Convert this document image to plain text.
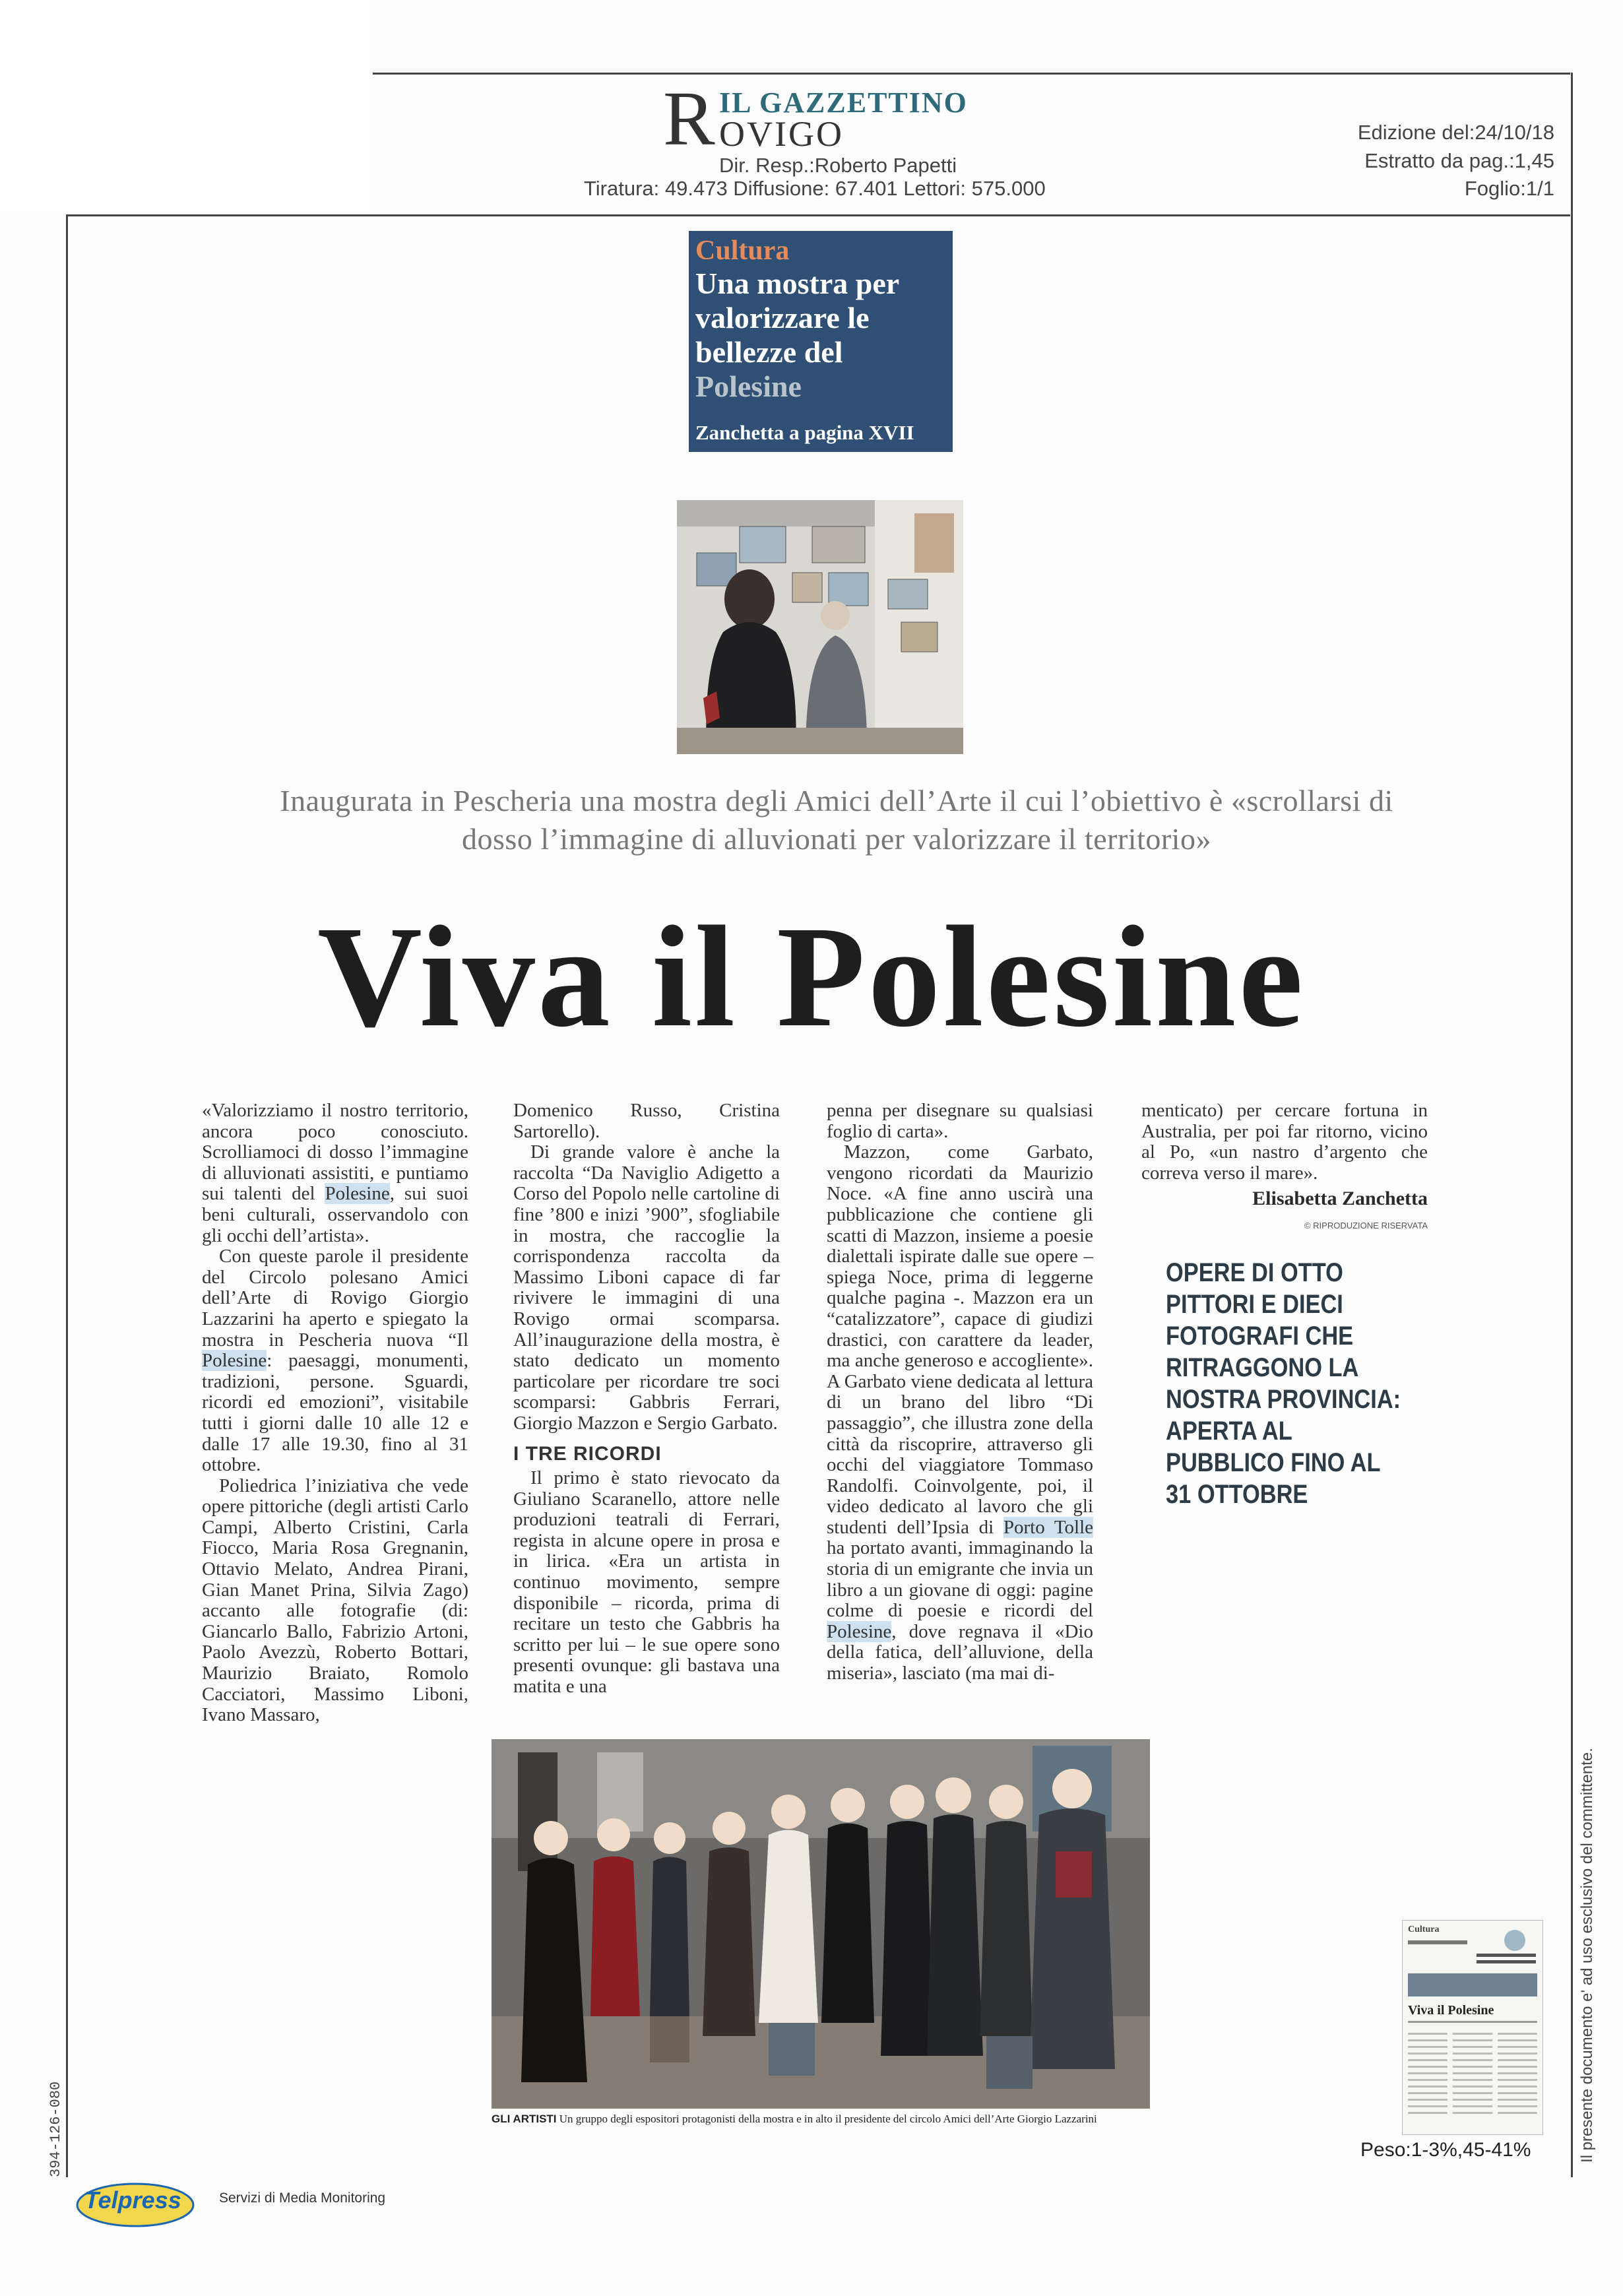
R IL GAZZETTINO
OVIGO
Dir. Resp.:Roberto Papetti
Tiratura: 49.473 Diffusione: 67.401 Lettori: 575.000
Edizione del:24/10/18
Estratto da pag.:1,45
Foglio:1/1
Cultura
Una mostra per valorizzare le bellezze del Polesine
Zanchetta a pagina XVII
Inaugurata in Pescheria una mostra degli Amici dell’Arte il cui l’obiettivo è «scrollarsi di dosso l’immagine di alluvionati per valorizzare il territorio»
Viva il Polesine

«Valorizziamo il nostro territorio, ancora poco conosciuto. Scrolliamoci di dosso l’immagine di alluvionati assistiti, e puntiamo sui talenti del Polesine, sui suoi beni culturali, osservandolo con gli occhi dell’artista».

Con queste parole il presidente del Circolo polesano Amici dell’Arte di Rovigo Giorgio Lazzarini ha aperto e spiegato la mostra in Pescheria nuova “Il Polesine: paesaggi, monumenti, tradizioni, persone. Sguardi, ricordi ed emozioni”, visitabile tutti i giorni dalle 10 alle 12 e dalle 17 alle 19.30, fino al 31 ottobre.

Poliedrica l’iniziativa che vede opere pittoriche (degli artisti Carlo Campi, Alberto Cristini, Carla Fiocco, Maria Rosa Gregnanin, Ottavio Melato, Andrea Pirani, Gian Manet Prina, Silvia Zago) accanto alle fotografie (di: Giancarlo Ballo, Fabrizio Artoni, Paolo Avezzù, Roberto Bottari, Maurizio Braiato, Romolo Cacciatori, Massimo Liboni, Ivano Massaro,

Domenico Russo, Cristina Sartorello).

Di grande valore è anche la raccolta “Da Naviglio Adigetto a Corso del Popolo nelle cartoline di fine ’800 e inizi ’900”, sfogliabile in mostra, che raccoglie la corrispondenza raccolta da Massimo Liboni capace di far rivivere le immagini di una Rovigo ormai scomparsa. All’inaugurazione della mostra, è stato dedicato un momento particolare per ricordare tre soci scomparsi: Gabbris Ferrari, Giorgio Mazzon e Sergio Garbato.

I TRE RICORDI

Il primo è stato rievocato da Giuliano Scaranello, attore nelle produzioni teatrali di Ferrari, regista in alcune opere in prosa e in lirica. «Era un artista in continuo movimento, sempre disponibile – ricorda, prima di recitare un testo che Gabbris ha scritto per lui – le sue opere sono presenti ovunque: gli bastava una matita e una

penna per disegnare su qualsiasi foglio di carta».

Mazzon, come Garbato, vengono ricordati da Maurizio Noce. «A fine anno uscirà una pubblicazione che contiene gli scatti di Mazzon, insieme a poesie dialettali ispirate dalle sue opere – spiega Noce, prima di leggerne qualche pagina -. Mazzon era un “catalizzatore”, capace di giudizi drastici, con carattere da leader, ma anche generoso e accogliente». A Garbato viene dedicata al lettura di un brano del libro “Di passaggio”, che illustra zone della città da riscoprire, attraverso gli occhi del viaggiatore Tommaso Randolfi. Coinvolgente, poi, il video dedicato al lavoro che gli studenti dell’Ipsia di Porto Tolle ha portato avanti, immaginando la storia di un emigrante che invia un libro a un giovane di oggi: pagine colme di poesie e ricordi del Polesine, dove regnava il «Dio della fatica, dell’alluvione, della miseria», lasciato (ma mai di-

menticato) per cercare fortuna in Australia, per poi far ritorno, vicino al Po, «un nastro d’argento che correva verso il mare».

Elisabetta Zanchetta
© RIPRODUZIONE RISERVATA
OPERE DI OTTO PITTORI E DIECI FOTOGRAFI CHE RITRAGGONO LA NOSTRA PROVINCIA: APERTA AL PUBBLICO FINO AL 31 OTTOBRE
GLI ARTISTI Un gruppo degli espositori protagonisti della mostra e in alto il presidente del circolo Amici dell’Arte Giorgio Lazzarini
Cultura
Viva il Polesine
Peso:1-3%,45-41%	Il presente documento e' ad uso esclusivo del committente.
394-126-080
Telpress	Servizi di Media Monitoring
